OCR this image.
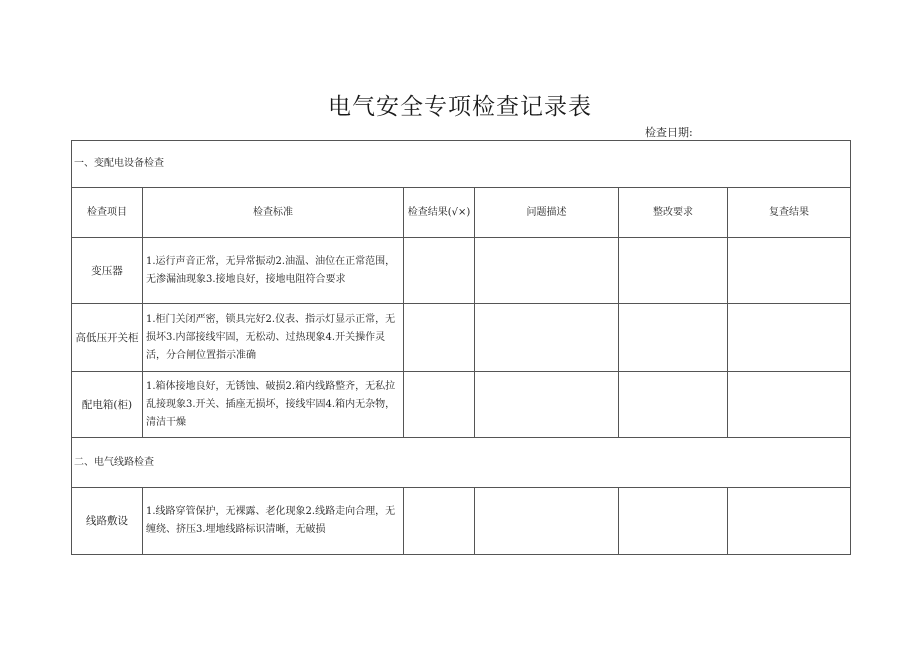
电气安全专项检查记录表
检查日期:
一、变配电设备检查					
检查项目	检查标准	检查结果(√×)	问题描述	整改要求	复查结果
变压器	1.运行声音正常，无异常振动2.油温、油位在正常范围，无渗漏油现象3.接地良好，接地电阻符合要求				
高低压开关柜	1.柜门关闭严密，锁具完好2.仪表、指示灯显示正常，无损坏3.内部接线牢固，无松动、过热现象4.开关操作灵活，分合闸位置指示准确				
配电箱(柜)	1.箱体接地良好，无锈蚀、破损2.箱内线路整齐，无私拉乱接现象3.开关、插座无损坏，接线牢固4.箱内无杂物，清洁干燥				
二、电气线路检查					
线路敷设	1.线路穿管保护，无裸露、老化现象2.线路走向合理，无缠绕、挤压3.埋地线路标识清晰，无破损				
